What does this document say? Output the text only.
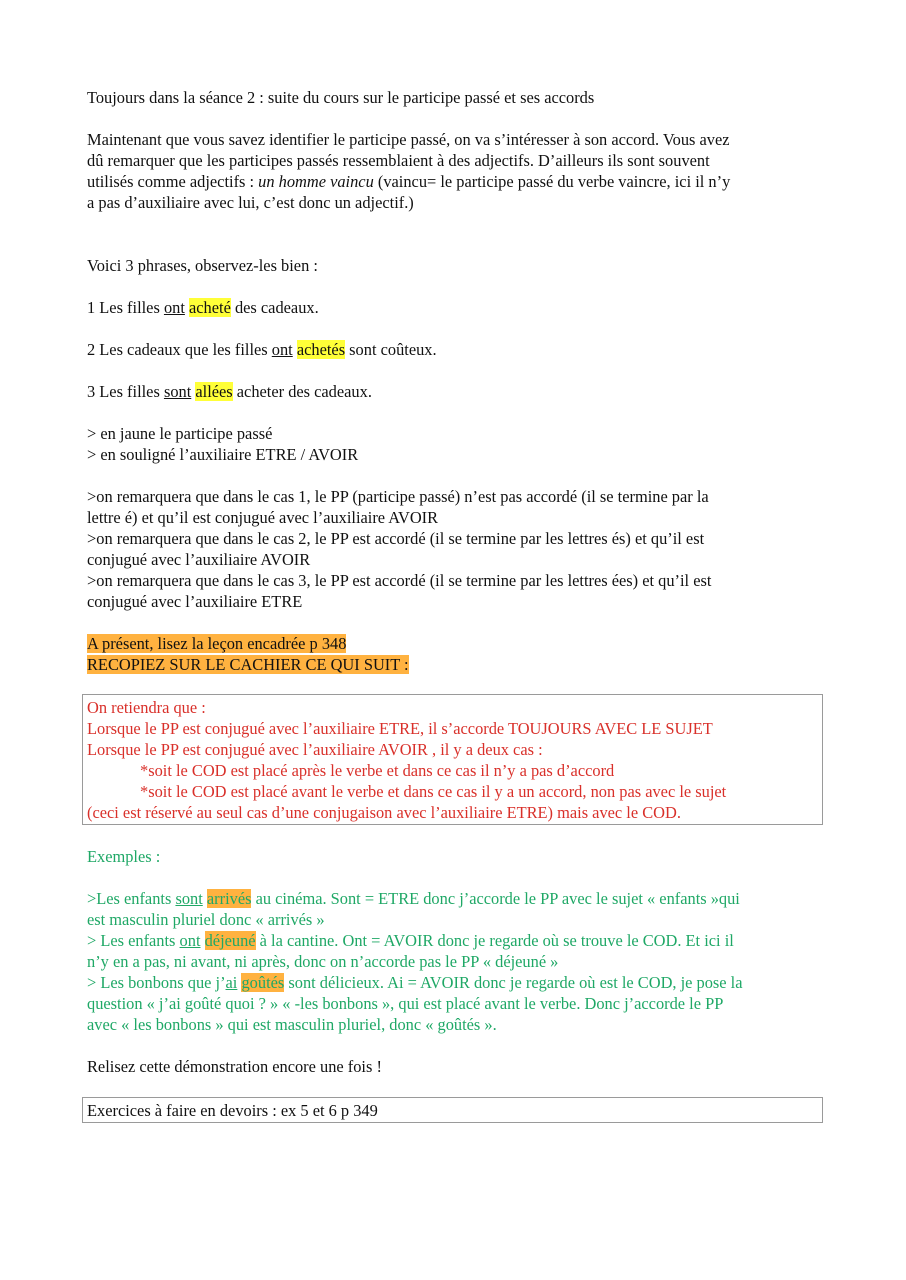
Toujours dans la séance 2 : suite du cours sur le participe passé et ses accords
Maintenant que vous savez identifier le participe passé, on va s’intéresser à son accord. Vous avez
dû remarquer que les participes passés ressemblaient à des adjectifs. D’ailleurs ils sont souvent
utilisés comme adjectifs : un homme vaincu (vaincu= le participe passé du verbe vaincre, ici il n’y
a pas d’auxiliaire avec lui, c’est donc un adjectif.)
Voici 3 phrases, observez-les bien :
1 Les filles ont acheté des cadeaux.
2 Les cadeaux que les filles ont achetés sont coûteux.
3 Les filles sont allées acheter des cadeaux.
> en jaune le participe passé
> en souligné l’auxiliaire ETRE / AVOIR
>on remarquera que dans le cas 1, le PP (participe passé) n’est pas accordé (il se termine par la
lettre é) et qu’il est conjugué avec l’auxiliaire AVOIR
>on remarquera que dans le cas 2, le PP est accordé (il se termine par les lettres és) et qu’il est
conjugué avec l’auxiliaire AVOIR
>on remarquera que dans le cas 3, le PP est accordé (il se termine par les lettres ées) et qu’il est
conjugué avec l’auxiliaire ETRE
A présent, lisez la leçon encadrée p 348
RECOPIEZ SUR LE CACHIER CE QUI SUIT :
On retiendra que :
Lorsque le PP est conjugué avec l’auxiliaire ETRE, il s’accorde TOUJOURS AVEC LE SUJET
Lorsque le PP est conjugué avec l’auxiliaire AVOIR , il y a deux cas :
*soit le COD est placé après le verbe et dans ce cas il n’y a pas d’accord
*soit le COD est placé avant le verbe et dans ce cas il y a un accord, non pas avec le sujet
(ceci est réservé au seul cas d’une conjugaison avec l’auxiliaire ETRE) mais avec le COD.
Exemples :
>Les enfants sont arrivés au cinéma. Sont = ETRE donc j’accorde le PP avec le sujet « enfants »qui
est masculin pluriel donc « arrivés »
> Les enfants ont déjeuné à la cantine. Ont = AVOIR donc je regarde où se trouve le COD. Et ici il
n’y en a pas, ni avant, ni après, donc on n’accorde pas le PP « déjeuné »
> Les bonbons que j’ai goûtés sont délicieux. Ai = AVOIR donc je regarde où est le COD, je pose la
question « j’ai goûté quoi ? » « -les bonbons », qui est placé avant le verbe. Donc j’accorde le PP
avec « les bonbons » qui est masculin pluriel, donc « goûtés ».
Relisez cette démonstration encore une fois !
Exercices à faire en devoirs : ex 5 et 6 p 349
